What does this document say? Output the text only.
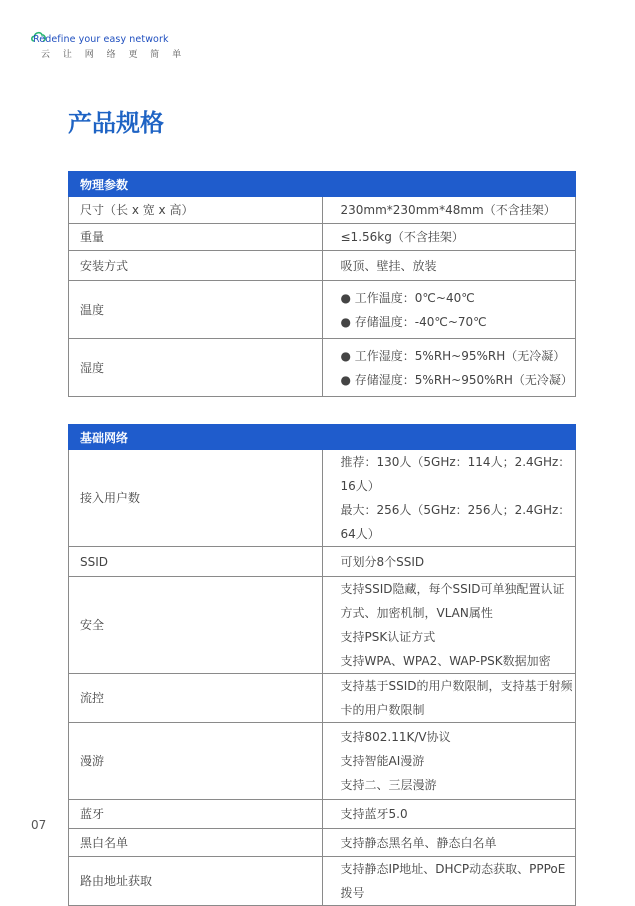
Redefine your easy network
云 让 网 络 更 简 单
产品规格
物理参数	
尺寸（长 x 宽 x 高）	230mm*230mm*48mm（不含挂架）

重量	≤1.56kg（不含挂架）

安装方式	吸顶、壁挂、放装

温度	● 工作温度：0℃~40℃
● 存储温度：-40℃~70℃

湿度	● 工作湿度：5%RH~95%RH（无冷凝）
● 存储湿度：5%RH~950%RH（无冷凝）
基础网络	
接入用户数	推荐：130人（5GHz：114人；2.4GHz：16人）
最大：256人（5GHz：256人；2.4GHz：64人）

SSID	可划分8个SSID

安全	支持SSID隐藏，每个SSID可单独配置认证方式、加密机制，VLAN属性
支持PSK认证方式
支持WPA、WPA2、WAP-PSK数据加密

流控	支持基于SSID的用户数限制，支持基于射频卡的用户数限制

漫游	支持802.11K/V协议
支持智能AI漫游
支持二、三层漫游

蓝牙	支持蓝牙5.0

黑白名单	支持静态黑名单、静态白名单

路由地址获取	支持静态IP地址、DHCP动态获取、PPPoE拨号
07
